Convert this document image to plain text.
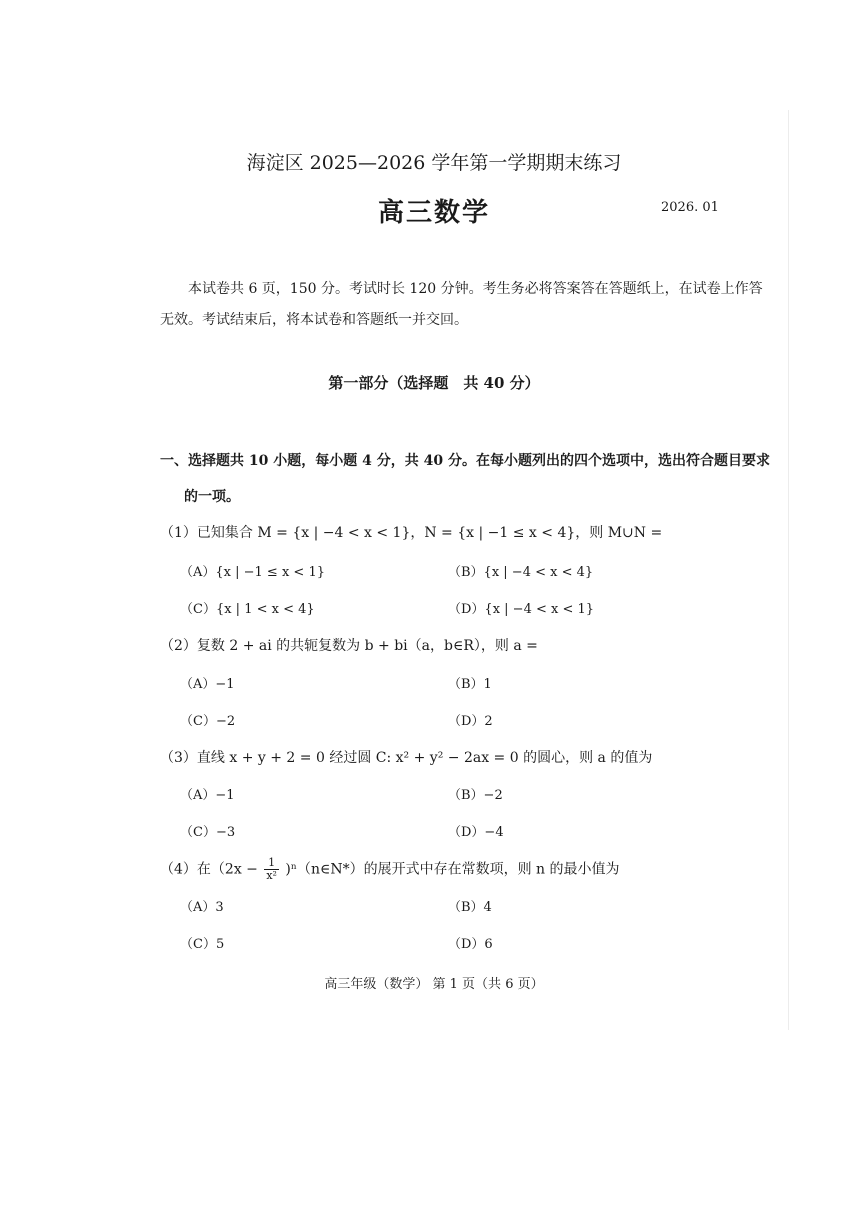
海淀区 2025—2026 学年第一学期期末练习
高三数学	2026. 01
本试卷共 6 页，150 分。考试时长 120 分钟。考生务必将答案答在答题纸上，在试卷上作答
无效。考试结束后，将本试卷和答题纸一并交回。
第一部分（选择题　共 40 分）
一、选择题共 10 小题，每小题 4 分，共 40 分。在每小题列出的四个选项中，选出符合题目要求
的一项。
（1）已知集合 M = {x | −4 < x < 1}，N = {x | −1 ≤ x < 4}，则 M∪N =
（A）{x | −1 ≤ x < 1}	（B）{x | −4 < x < 4}
（C）{x | 1 < x < 4}	（D）{x | −4 < x < 1}
（2）复数 2 + ai 的共轭复数为 b + bi（a，b∈R），则 a =
（A）−1	（B）1
（C）−2	（D）2
（3）直线 x + y + 2 = 0 经过圆 C: x² + y² − 2ax = 0 的圆心，则 a 的值为
（A）−1	（B）−2
（C）−3	（D）−4
（4）在（$2x - \frac{1}{\text{x²}}$ )ⁿ（n∈N*）的展开式中存在常数项，则 n 的最小值为
（A）3	（B）4
（C）5	（D）6
高三年级（数学） 第 1 页（共 6 页）
